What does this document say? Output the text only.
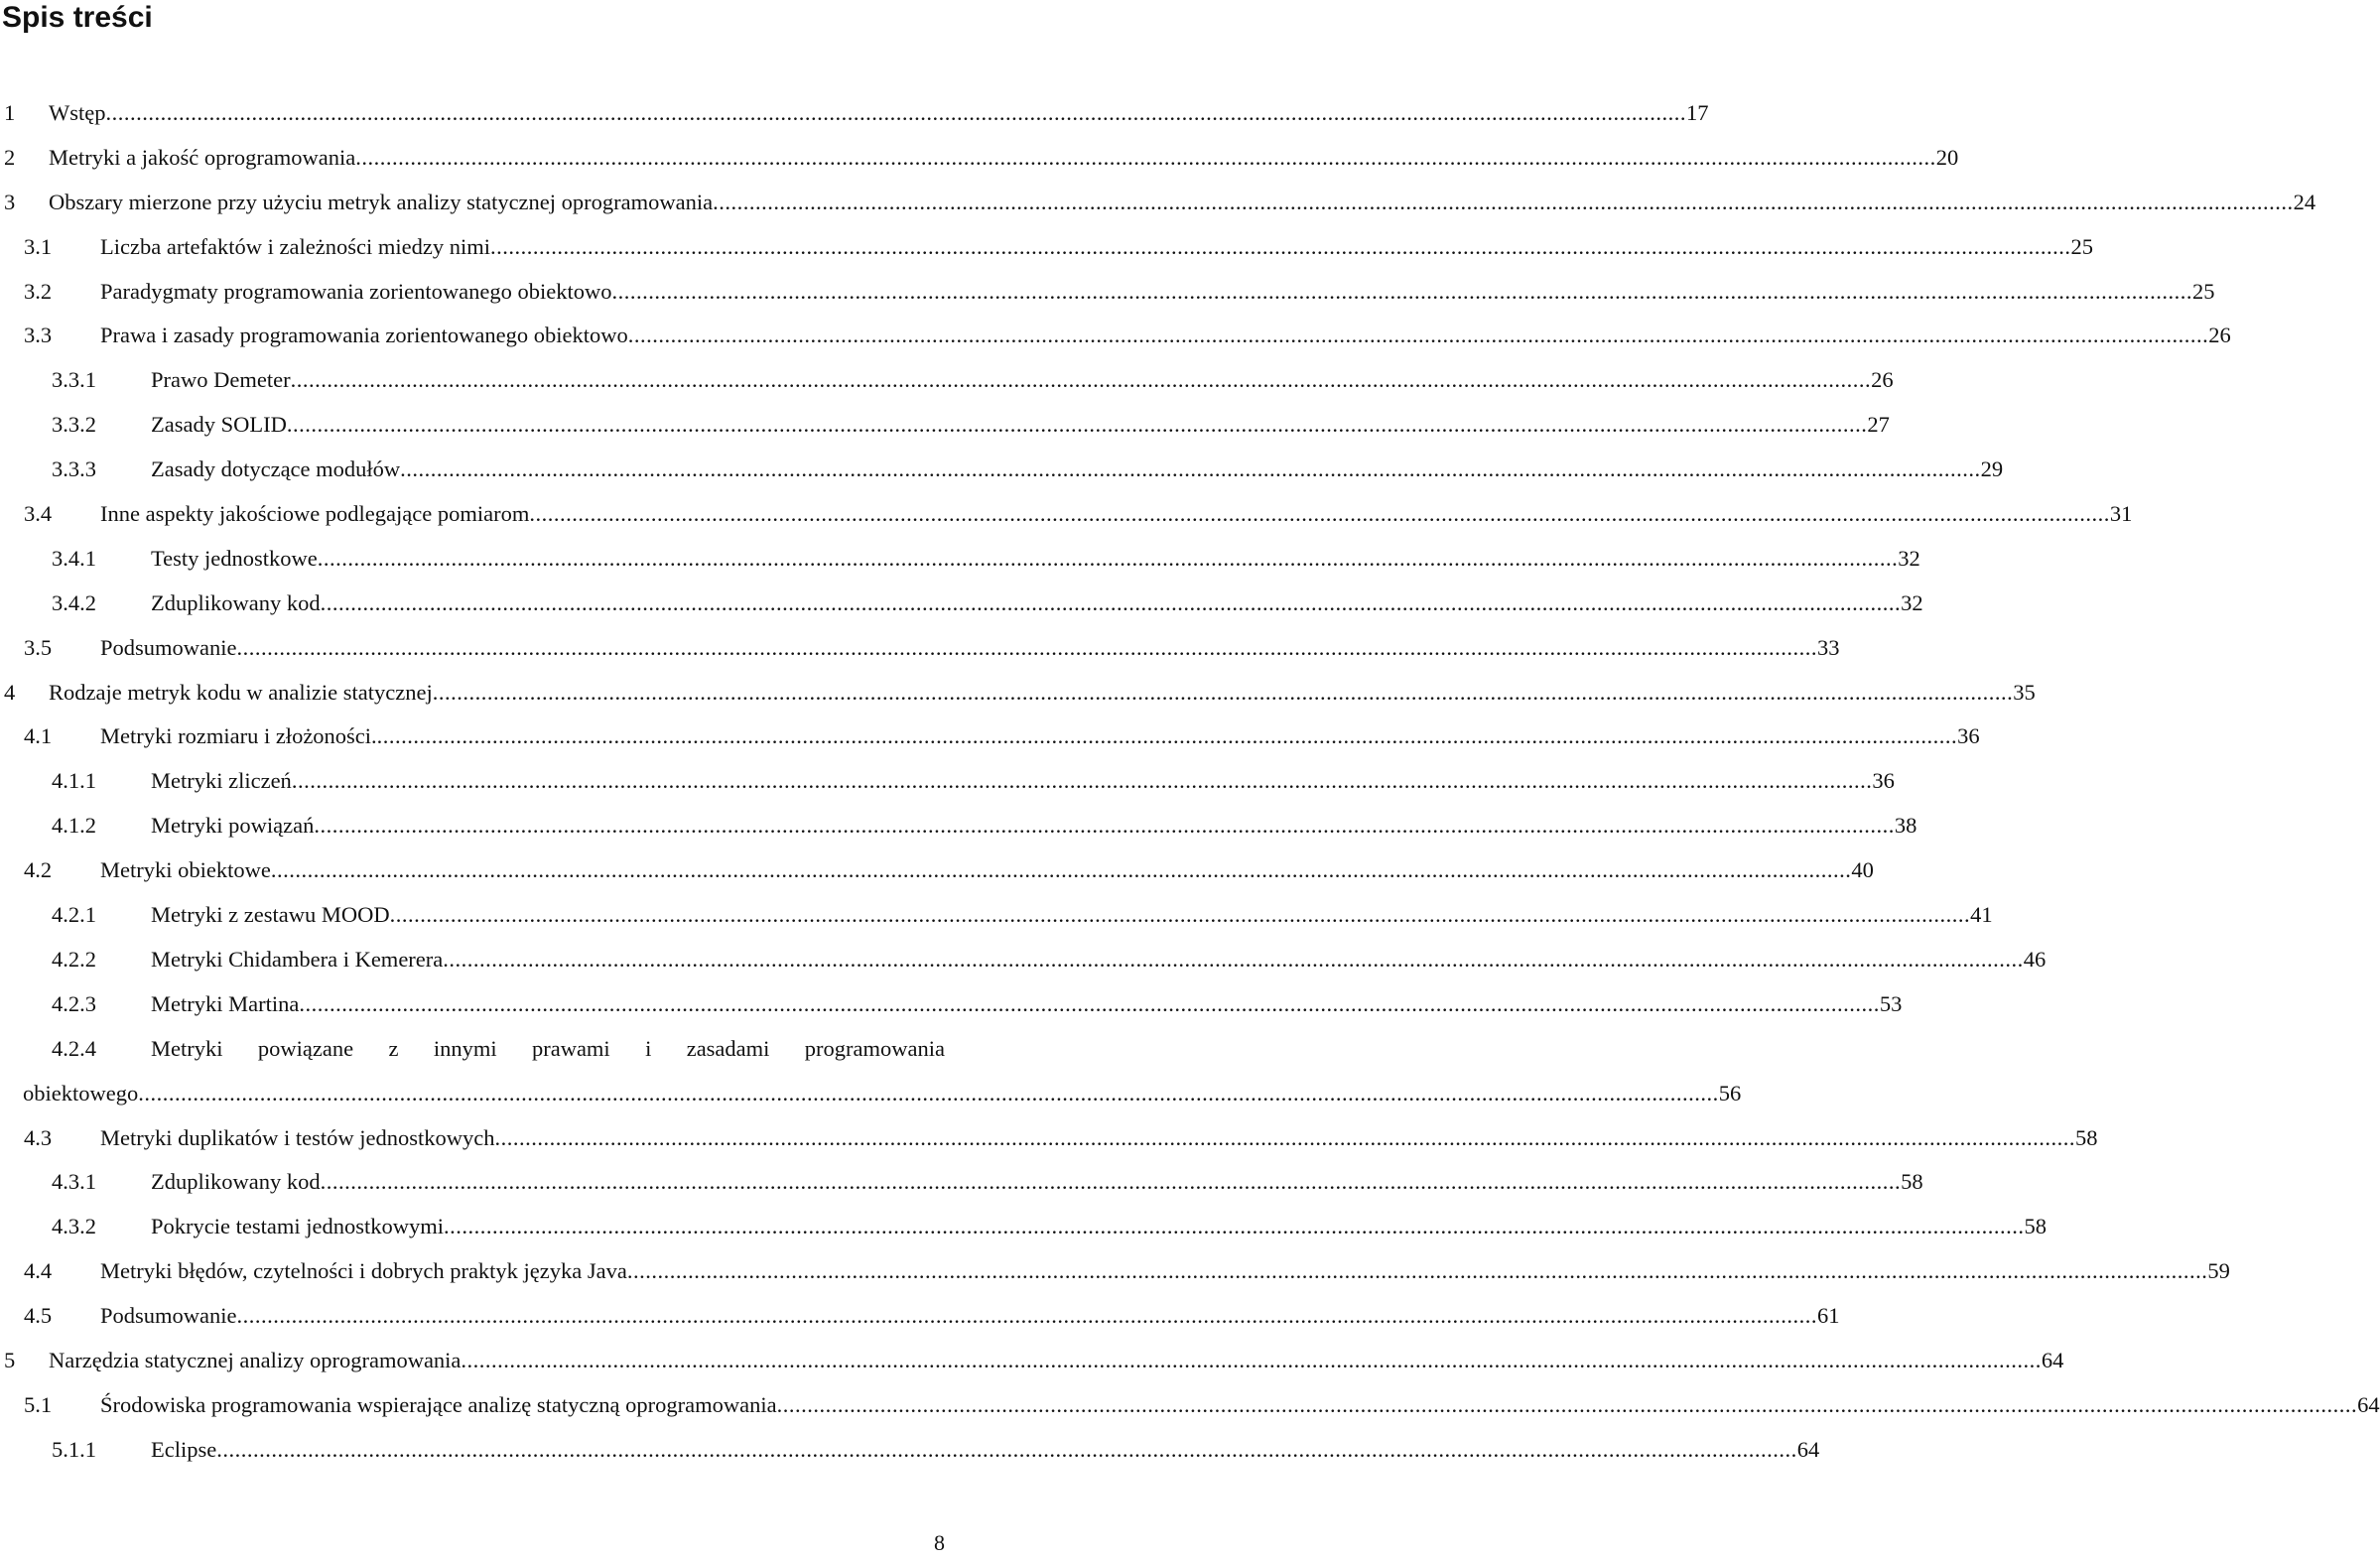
Spis treści
1 Wstęp .................................................................................................................................................................................................................................................................... 17
2 Metryki a jakość oprogramowania .................................................................................................................................................................................................................................................................... 20
3 Obszary mierzone przy użyciu metryk analizy statycznej oprogramowania .................................................................................................................................................................................................................................................................... 24
3.1 Liczba artefaktów i zależności miedzy nimi .................................................................................................................................................................................................................................................................... 25
3.2 Paradygmaty programowania zorientowanego obiektowo .................................................................................................................................................................................................................................................................... 25
3.3 Prawa i zasady programowania zorientowanego obiektowo .................................................................................................................................................................................................................................................................... 26
3.3.1 Prawo Demeter .................................................................................................................................................................................................................................................................... 26
3.3.2 Zasady SOLID .................................................................................................................................................................................................................................................................... 27
3.3.3 Zasady dotyczące modułów .................................................................................................................................................................................................................................................................... 29
3.4 Inne aspekty jakościowe podlegające pomiarom .................................................................................................................................................................................................................................................................... 31
3.4.1 Testy jednostkowe .................................................................................................................................................................................................................................................................... 32
3.4.2 Zduplikowany kod .................................................................................................................................................................................................................................................................... 32
3.5 Podsumowanie .................................................................................................................................................................................................................................................................... 33
4 Rodzaje metryk kodu w analizie statycznej .................................................................................................................................................................................................................................................................... 35
4.1 Metryki rozmiaru i złożoności. .................................................................................................................................................................................................................................................................... 36
4.1.1 Metryki zliczeń .................................................................................................................................................................................................................................................................... 36
4.1.2 Metryki powiązań .................................................................................................................................................................................................................................................................... 38
4.2 Metryki obiektowe .................................................................................................................................................................................................................................................................... 40
4.2.1 Metryki z zestawu MOOD .................................................................................................................................................................................................................................................................... 41
4.2.2 Metryki Chidambera i Kemerera .................................................................................................................................................................................................................................................................... 46
4.2.3 Metryki Martina .................................................................................................................................................................................................................................................................... 53
4.2.4 Metryki powiązane z innymi prawami i zasadami programowania
obiektowego .................................................................................................................................................................................................................................................................... 56
4.3 Metryki duplikatów i testów jednostkowych .................................................................................................................................................................................................................................................................... 58
4.3.1 Zduplikowany kod .................................................................................................................................................................................................................................................................... 58
4.3.2 Pokrycie testami jednostkowymi .................................................................................................................................................................................................................................................................... 58
4.4 Metryki błędów, czytelności i dobrych praktyk języka Java .................................................................................................................................................................................................................................................................... 59
4.5 Podsumowanie .................................................................................................................................................................................................................................................................... 61
5 Narzędzia statycznej analizy oprogramowania .................................................................................................................................................................................................................................................................... 64
5.1 Środowiska programowania wspierające analizę statyczną oprogramowania .................................................................................................................................................................................................................................................................... 64
5.1.1 Eclipse .................................................................................................................................................................................................................................................................... 64
8
